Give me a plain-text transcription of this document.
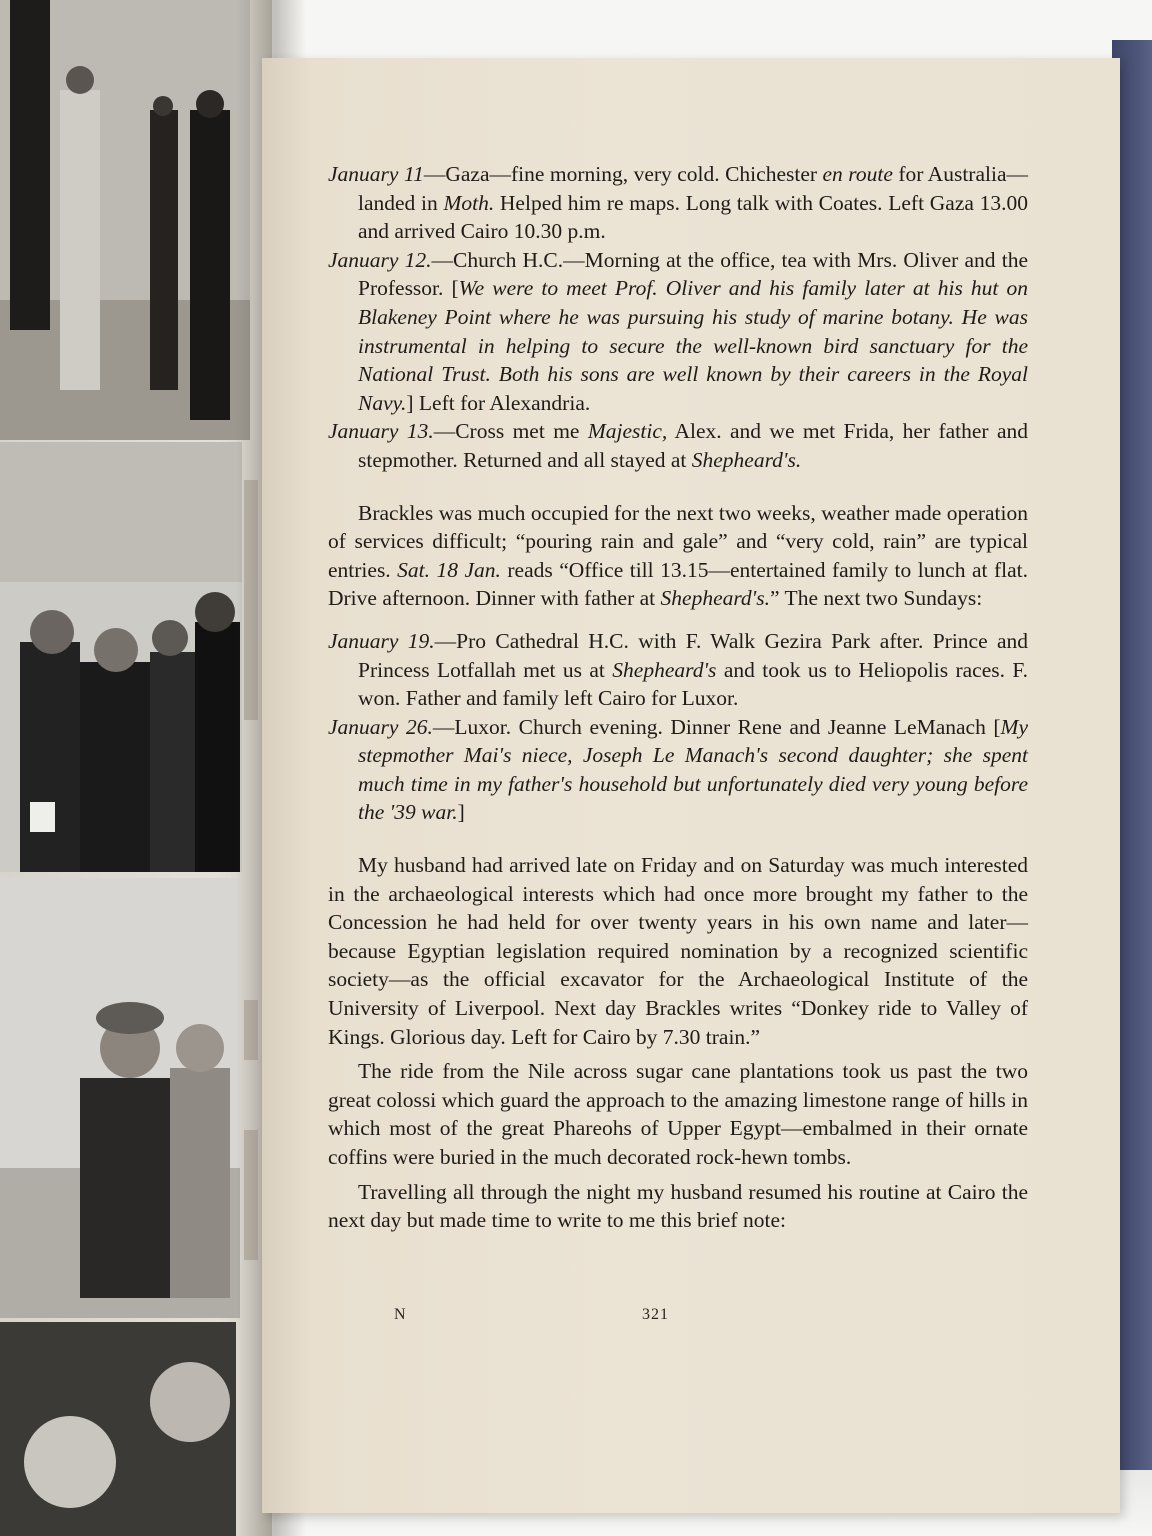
January 11—Gaza—fine morning, very cold. Chichester en route for Australia—landed in Moth. Helped him re maps. Long talk with Coates. Left Gaza 13.00 and arrived Cairo 10.30 p.m.

January 12.—Church H.C.—Morning at the office, tea with Mrs. Oliver and the Professor. [We were to meet Prof. Oliver and his family later at his hut on Blakeney Point where he was pursuing his study of marine botany. He was instrumental in helping to secure the well-known bird sanctuary for the National Trust. Both his sons are well known by their careers in the Royal Navy.] Left for Alexandria.

January 13.—Cross met me Majestic, Alex. and we met Frida, her father and stepmother. Returned and all stayed at Shepheard's.

Brackles was much occupied for the next two weeks, weather made operation of services difficult; “pouring rain and gale” and “very cold, rain” are typical entries. Sat. 18 Jan. reads “Office till 13.15—entertained family to lunch at flat. Drive afternoon. Dinner with father at Shepheard's.” The next two Sundays:

January 19.—Pro Cathedral H.C. with F. Walk Gezira Park after. Prince and Princess Lotfallah met us at Shepheard's and took us to Heliopolis races. F. won. Father and family left Cairo for Luxor.

January 26.—Luxor. Church evening. Dinner Rene and Jeanne LeManach [My stepmother Mai's niece, Joseph Le Manach's second daughter; she spent much time in my father's household but unfortunately died very young before the '39 war.]

My husband had arrived late on Friday and on Saturday was much interested in the archaeological interests which had once more brought my father to the Concession he had held for over twenty years in his own name and later—because Egyptian legislation required nomination by a recognized scientific society—as the official excavator for the Archaeological Institute of the University of Liverpool. Next day Brackles writes “Donkey ride to Valley of Kings. Glorious day. Left for Cairo by 7.30 train.”

The ride from the Nile across sugar cane plantations took us past the two great colossi which guard the approach to the amazing limestone range of hills in which most of the great Phareohs of Upper Egypt—embalmed in their ornate coffins were buried in the much decorated rock-hewn tombs.

Travelling all through the night my husband resumed his routine at Cairo the next day but made time to write to me this brief note:

N	321
